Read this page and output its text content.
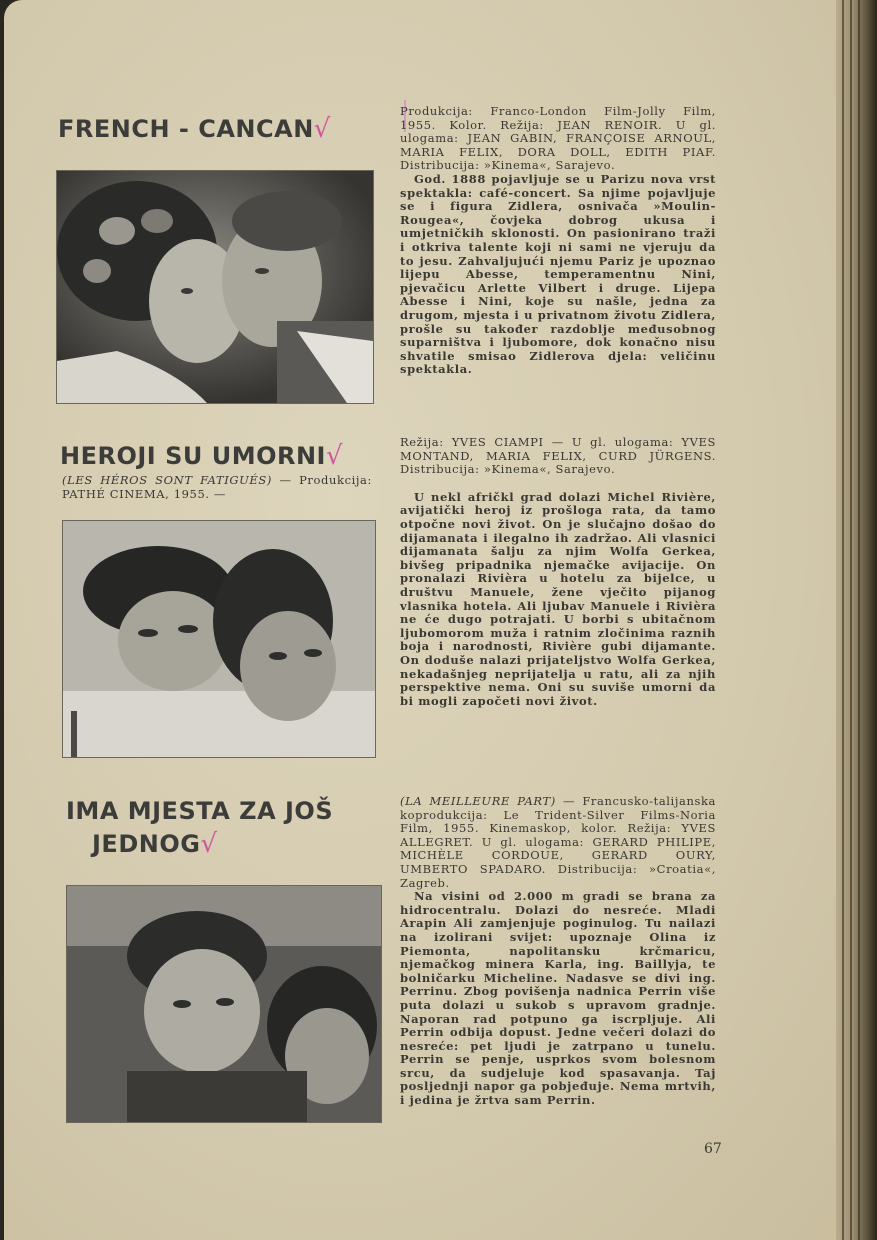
FRENCH - CANCAN√

Produkcija: Franco-London Film-Jolly Film, 1955. Kolor. Režija: JEAN RENOIR. U gl. ulogama: JEAN GABIN, FRANÇOISE ARNOUL, MARIA FELIX, DORA DOLL, EDITH PIAF. Distribucija: »Kinema«, Sarajevo.

God. 1888 pojavljuje se u Parizu nova vrst spektakla: café-concert. Sa njime pojavljuje se i figura Zidlera, osnivača »Moulin-Rougea«, čovjeka dobrog ukusa i umjetničkih sklonosti. On pasionirano traži i otkriva talente koji ni sami ne vjeruju da to jesu. Zahvaljujući njemu Pariz je upoznao lijepu Abesse, temperamentnu Nini, pjevačicu Arlette Vilbert i druge. Lijepa Abesse i Nini, koje su našle, jedna za drugom, mjesta i u privatnom životu Zidlera, prošle su također razdoblje međusobnog suparništva i ljubomore, dok konačno nisu shvatile smisao Zidlerova djela: veličinu spektakla.

HEROJI SU UMORNI√

(LES HÉROS SONT FATIGUÉS) — Produkcija: PATHÉ CINEMA, 1955. —

Režija: YVES CIAMPI — U gl. ulogama: YVES MONTAND, MARIA FELIX, CURD JÜRGENS. Distribucija: »Kinema«, Sarajevo.

U nekl afričkl grad dolazi Michel Rivière, avijatički heroj iz prošloga rata, da tamo otpočne novi život. On je slučajno došao do dijamanata i ilegalno ih zadržao. Ali vlasnici dijamanata šalju za njim Wolfa Gerkea, bivšeg pripadnika njemačke avijacije. On pronalazi Rivièra u hotelu za bijelce, u društvu Manuele, žene vječito pijanog vlasnika hotela. Ali ljubav Manuele i Rivièra ne će dugo potrajati. U borbi s ubitačnom ljubomorom muža i ratnim zločinima raznih boja i narodnosti, Rivière gubi dijamante. On doduše nalazi prijateljstvo Wolfa Gerkea, nekadašnjeg neprijatelja u ratu, ali za njih perspektive nema. Oni su suviše umorni da bi mogli započeti novi život.

IMA MJESTA ZA JOŠ
JEDNOG√

(LA MEILLEURE PART) — Francusko-talijanska koprodukcija: Le Trident-Silver Films-Noria Film, 1955. Kinemaskop, kolor. Režija: YVES ALLEGRET. U gl. ulogama: GERARD PHILIPE, MICHÈLE CORDOUE, GERARD OURY, UMBERTO SPADARO. Distribucija: »Croatia«, Zagreb.

Na visini od 2.000 m gradi se brana za hidrocentralu. Dolazi do nesreće. Mladi Arapin Ali zamjenjuje poginulog. Tu nailazi na izolirani svijet: upoznaje Olina iz Piemonta, napolitansku krčmaricu, njemačkog minera Karla, ing. Baillyja, te bolničarku Micheline. Nadasve se divi ing. Perrinu. Zbog povišenja nadnica Perrin više puta dolazi u sukob s upravom gradnje. Naporan rad potpuno ga iscrpljuje. Ali Perrin odbija dopust. Jedne večeri dolazi do nesreće: pet ljudi je zatrpano u tunelu. Perrin se penje, usprkos svom bolesnom srcu, da sudjeluje kod spasavanja. Taj posljednji napor ga pobjeđuje. Nema mrtvih, i jedina je žrtva sam Perrin.

67
